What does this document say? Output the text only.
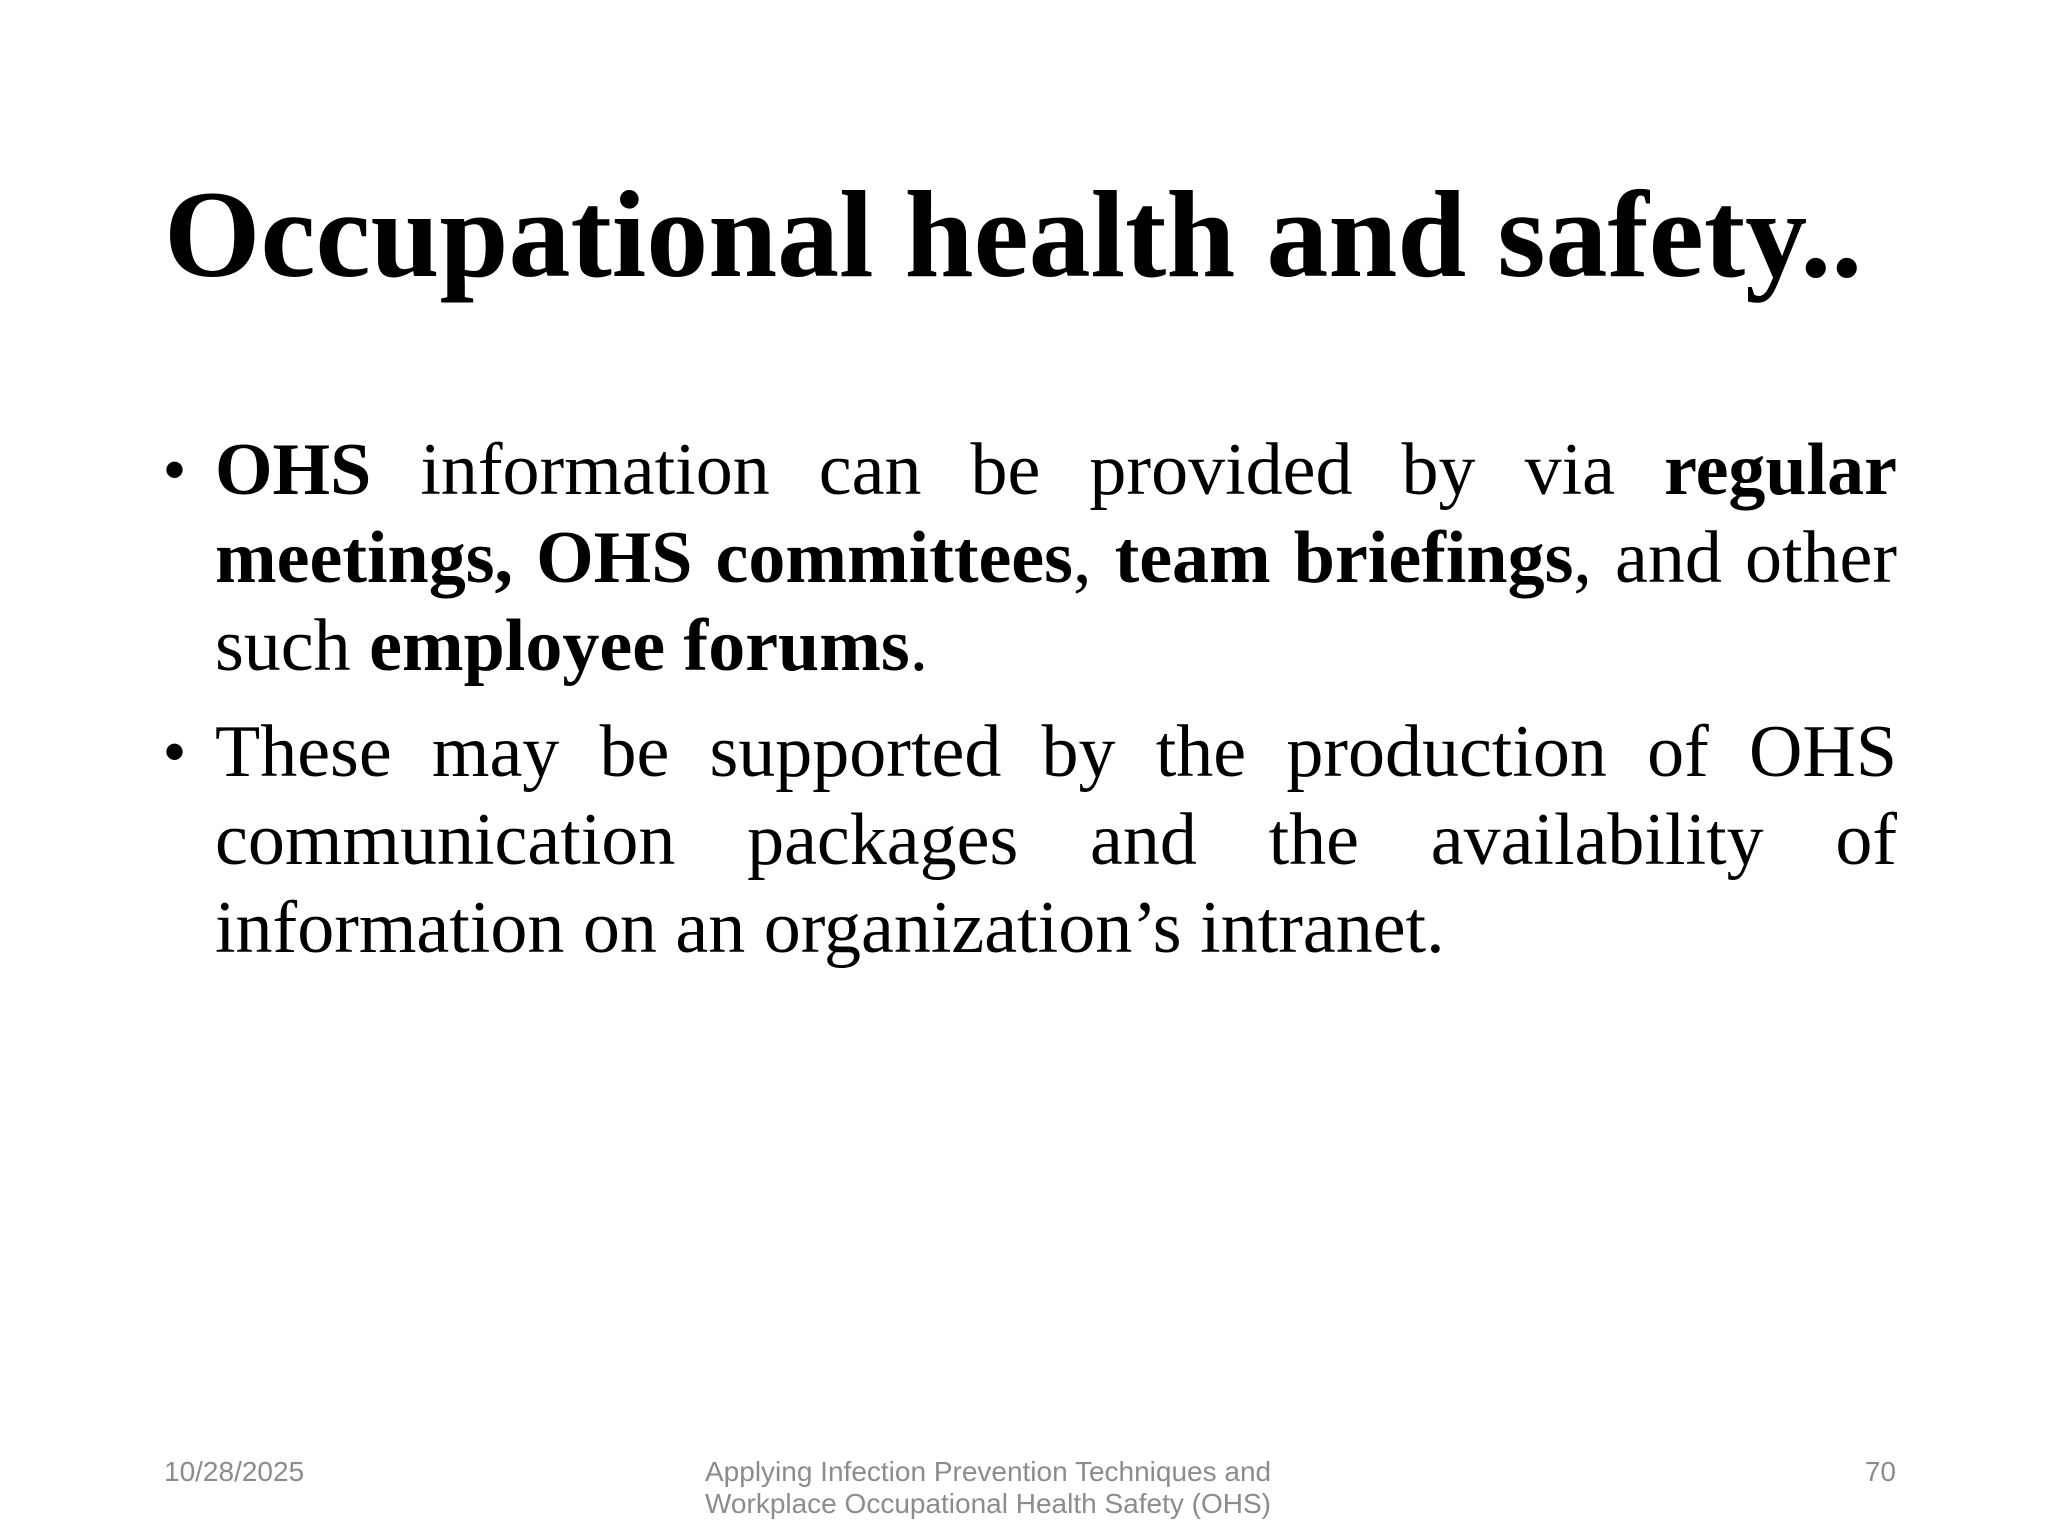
Occupational health and safety..
• OHS information can be provided by via regular meetings, OHS committees, team briefings, and other such employee forums.
• These may be supported by the production of OHS communication packages and the availability of information on an organization’s intranet.
10/28/2025	Applying Infection Prevention Techniques and
Workplace Occupational Health Safety (OHS)
70
